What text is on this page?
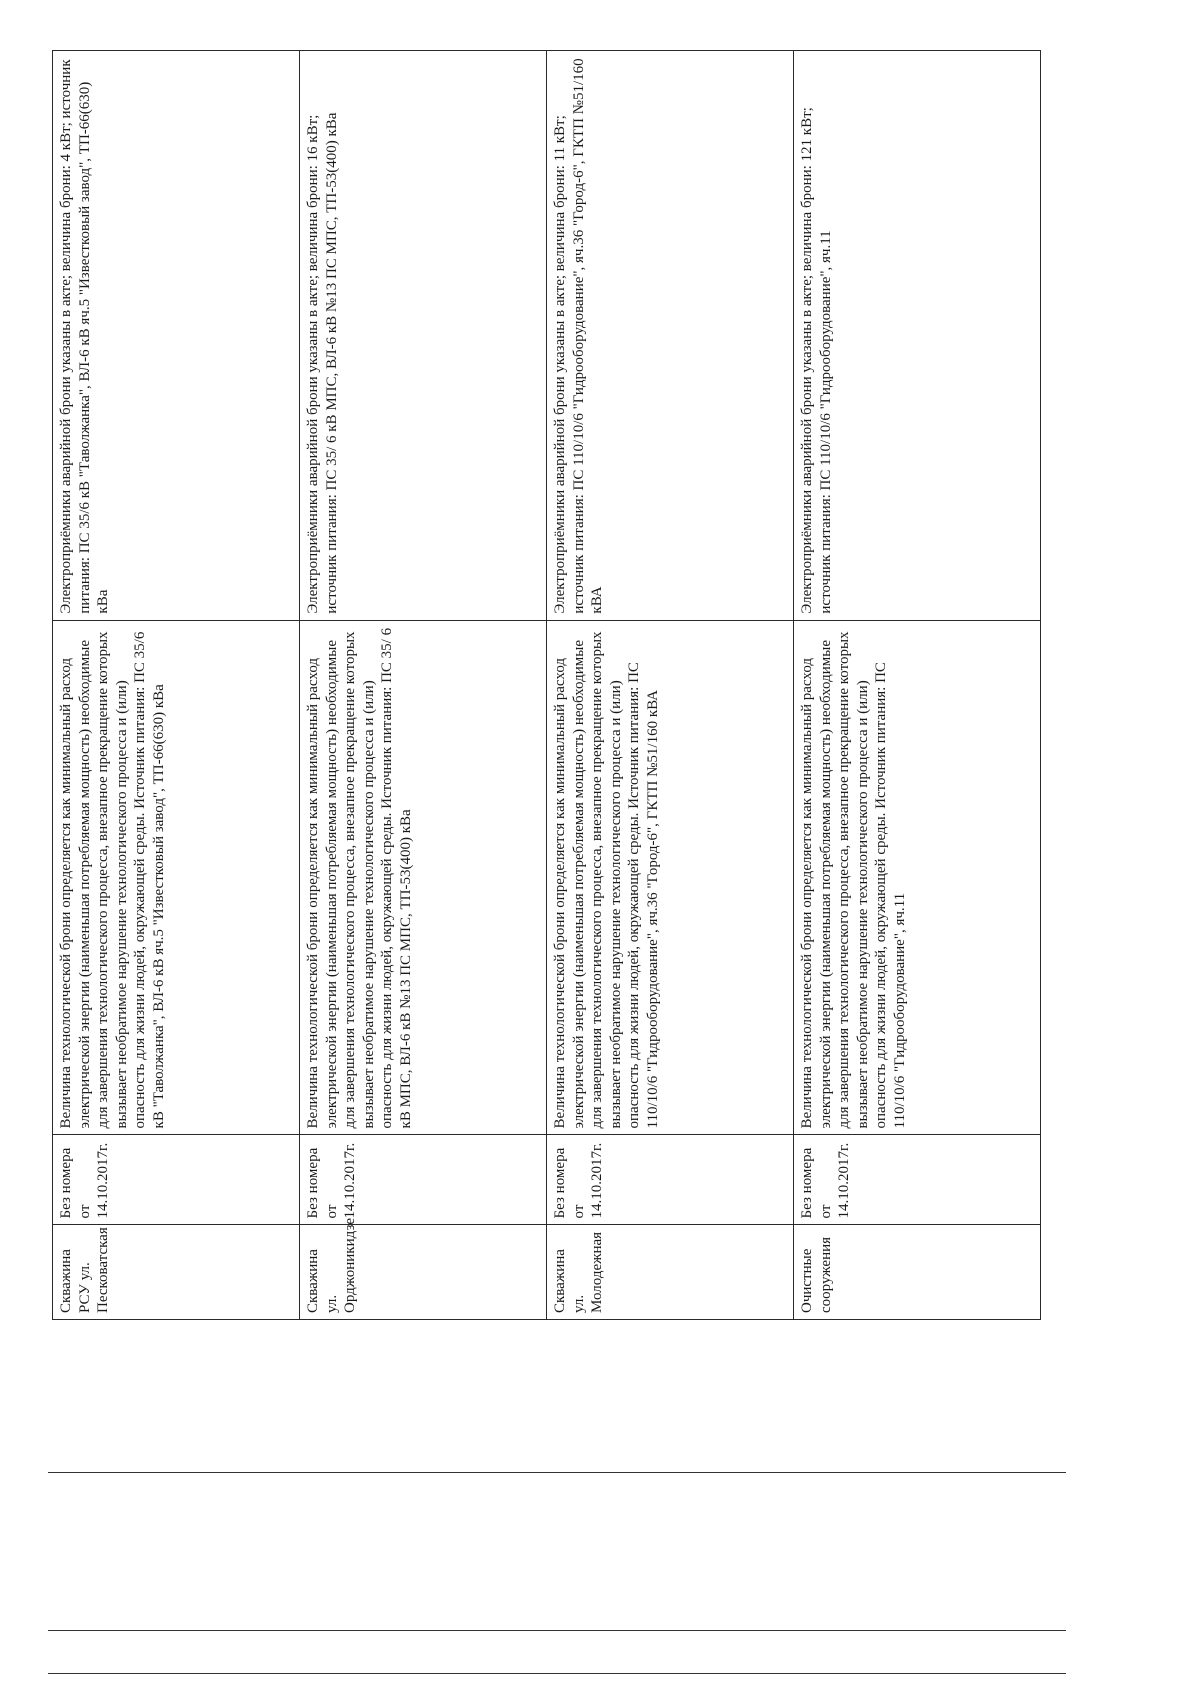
Скважина РСУ ул. Песковатская	Без номера от 14.10.2017г.	Величина технологической брони определяется как минимальный расход электрической энергии (наименьшая потребляемая мощность) необходимые для завершения технологического процесса, внезапное прекращение которых вызывает необратимое нарушение технологического процесса и (или) опасность для жизни людей, окружающей среды. Источник питания: ПС 35/6 кВ "Таволжанка", ВЛ-6 кВ яч.5 "Известковый завод", ТП-66(630) кВа	Электроприёмники аварийной брони указаны в акте; величина брони: 4 кВт; источник питания: ПС 35/6 кВ "Таволжанка", ВЛ-6 кВ яч.5 "Известковый завод", ТП-66(630) кВа
Скважина ул. Орджоникидзе	Без номера от 14.10.2017г.	Величина технологической брони определяется как минимальный расход электрической энергии (наименьшая потребляемая мощность) необходимые для завершения технологического процесса, внезапное прекращение которых вызывает необратимое нарушение технологического процесса и (или) опасность для жизни людей, окружающей среды. Источник питания: ПС 35/ 6 кВ МПС, ВЛ-6 кВ №13 ПС МПС, ТП-53(400) кВа	Электроприёмники аварийной брони указаны в акте; величина брони: 16 кВт; источник питания: ПС 35/ 6 кВ МПС, ВЛ-6 кВ №13 ПС МПС, ТП-53(400) кВа
Скважина ул. Молодежная	Без номера от 14.10.2017г.	Величина технологической брони определяется как минимальный расход электрической энергии (наименьшая потребляемая мощность) необходимые для завершения технологического процесса, внезапное прекращение которых вызывает необратимое нарушение технологического процесса и (или) опасность для жизни людей, окружающей среды. Источник питания: ПС 110/10/6 "Гидрооборудование", яч.36 "Город-6", ГКТП №51/160 кВА	Электроприёмники аварийной брони указаны в акте; величина брони: 11 кВт; источник питания: ПС 110/10/6 "Гидрооборудование", яч.36 "Город-6", ГКТП №51/160 кВА
Очистные сооружения	Без номера от 14.10.2017г.	Величина технологической брони определяется как минимальный расход электрической энергии (наименьшая потребляемая мощность) необходимые для завершения технологического процесса, внезапное прекращение которых вызывает необратимое нарушение технологического процесса и (или) опасность для жизни людей, окружающей среды. Источник питания: ПС 110/10/6 "Гидрооборудование", яч.11	Электроприёмники аварийной брони указаны в акте; величина брони: 121 кВт; источник питания: ПС 110/10/6 "Гидрооборудование", яч.11
